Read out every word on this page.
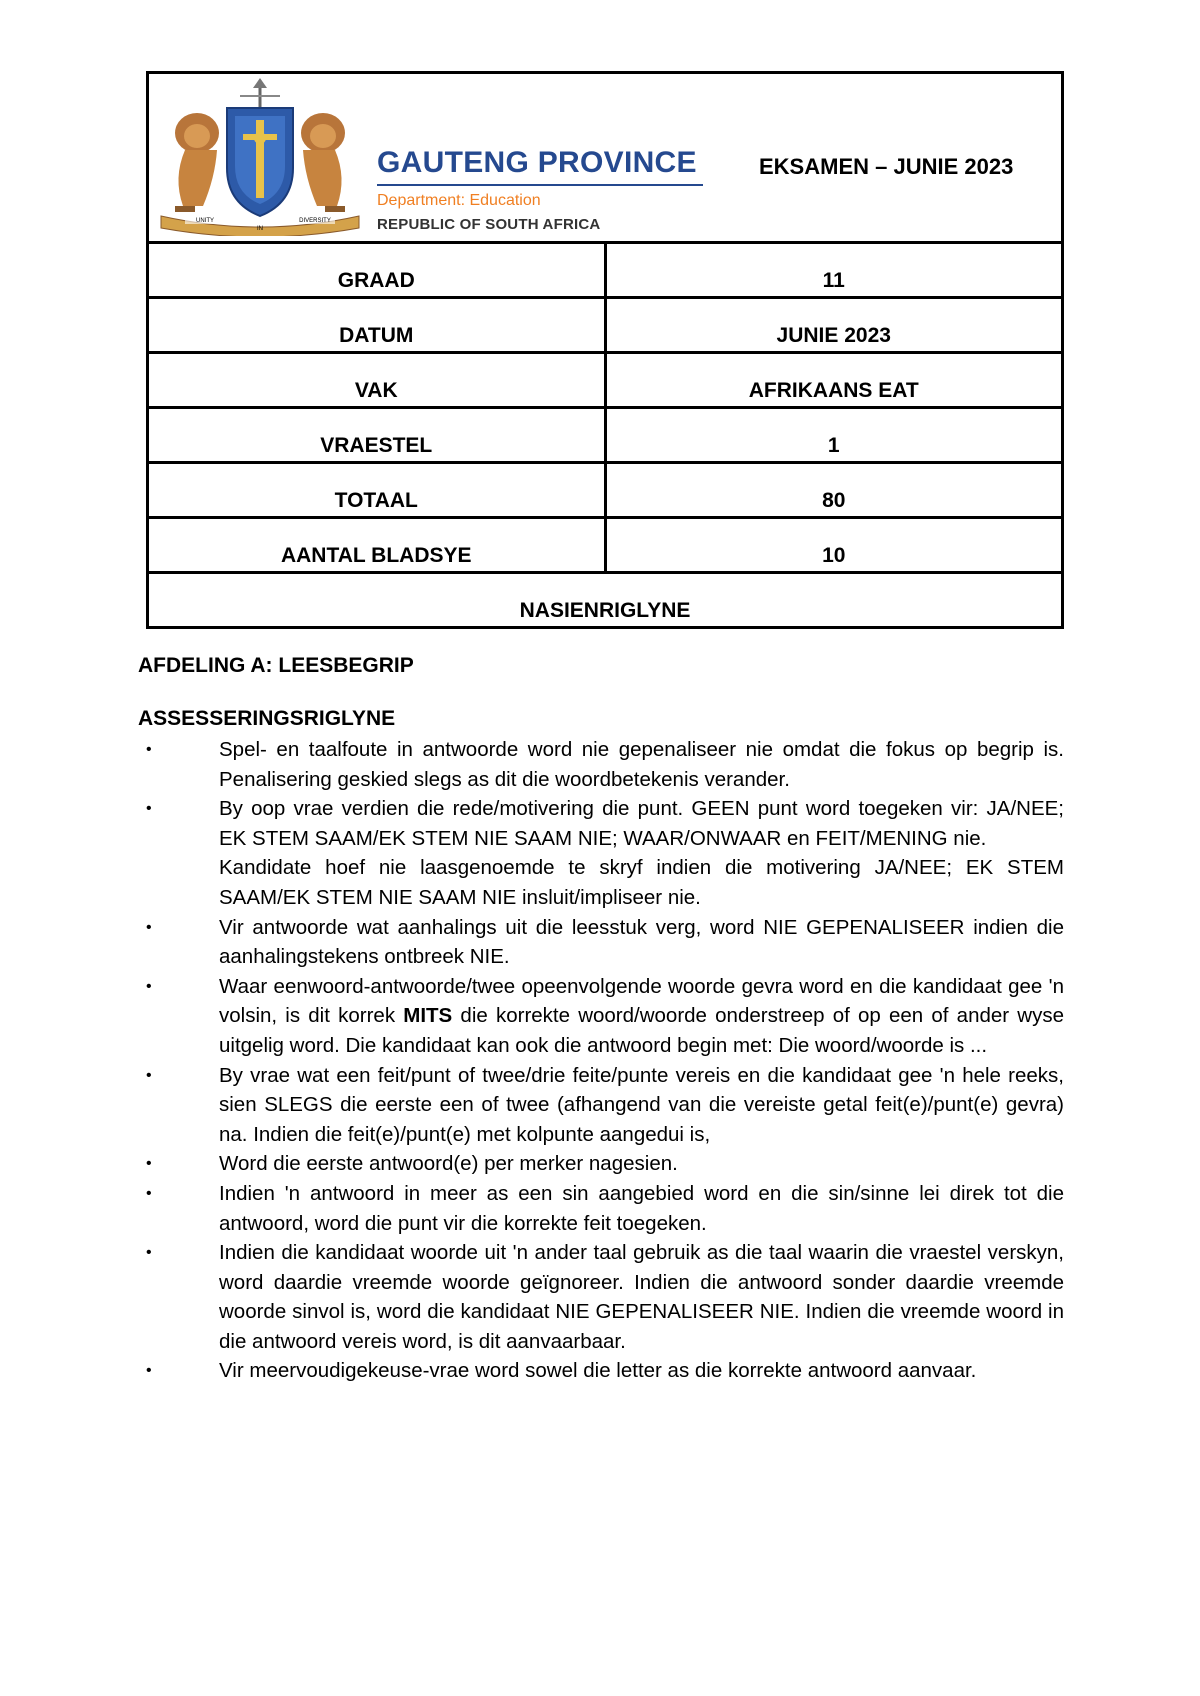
UNITY
IN
DIVERSITY
GAUTENG PROVINCE
Department: Education
REPUBLIC OF SOUTH AFRICA
EKSAMEN – JUNIE 2023
GRAAD	11
DATUM	JUNIE 2023
VAK	AFRIKAANS EAT
VRAESTEL	1
TOTAAL	80
AANTAL BLADSYE	10
NASIENRIGLYNE
AFDELING A: LEESBEGRIP
ASSESSERINGSRIGLYNE
•	Spel- en taalfoute in antwoorde word nie gepenaliseer nie omdat die fokus op begrip is. Penalisering geskied slegs as dit die woordbetekenis verander.

•	By oop vrae verdien die rede/motivering die punt. GEEN punt word toegeken vir: JA/NEE; EK STEM SAAM/EK STEM NIE SAAM NIE; WAAR/ONWAAR en FEIT/MENING nie.

Kandidate hoef nie laasgenoemde te skryf indien die motivering JA/NEE; EK STEM SAAM/EK STEM NIE SAAM NIE insluit/impliseer nie.

•	Vir antwoorde wat aanhalings uit die leesstuk verg, word NIE GEPENALISEER indien die aanhalingstekens ontbreek NIE.

•	Waar eenwoord-antwoorde/twee opeenvolgende woorde gevra word en die kandidaat gee 'n volsin, is dit korrek MITS die korrekte woord/woorde onderstreep of op een of ander wyse uitgelig word. Die kandidaat kan ook die antwoord begin met: Die woord/woorde is ...

•	By vrae wat een feit/punt of twee/drie feite/punte vereis en die kandidaat gee 'n hele reeks, sien SLEGS die eerste een of twee (afhangend van die vereiste getal feit(e)/punt(e) gevra) na. Indien die feit(e)/punt(e) met kolpunte aangedui is,

•	Word die eerste antwoord(e) per merker nagesien.

•	Indien 'n antwoord in meer as een sin aangebied word en die sin/sinne lei direk tot die antwoord, word die punt vir die korrekte feit toegeken.

•	Indien die kandidaat woorde uit 'n ander taal gebruik as die taal waarin die vraestel verskyn, word daardie vreemde woorde geïgnoreer. Indien die antwoord sonder daardie vreemde woorde sinvol is, word die kandidaat NIE GEPENALISEER NIE. Indien die vreemde woord in die antwoord vereis word, is dit aanvaarbaar.

•	Vir meervoudigekeuse-vrae word sowel die letter as die korrekte antwoord aanvaar.
